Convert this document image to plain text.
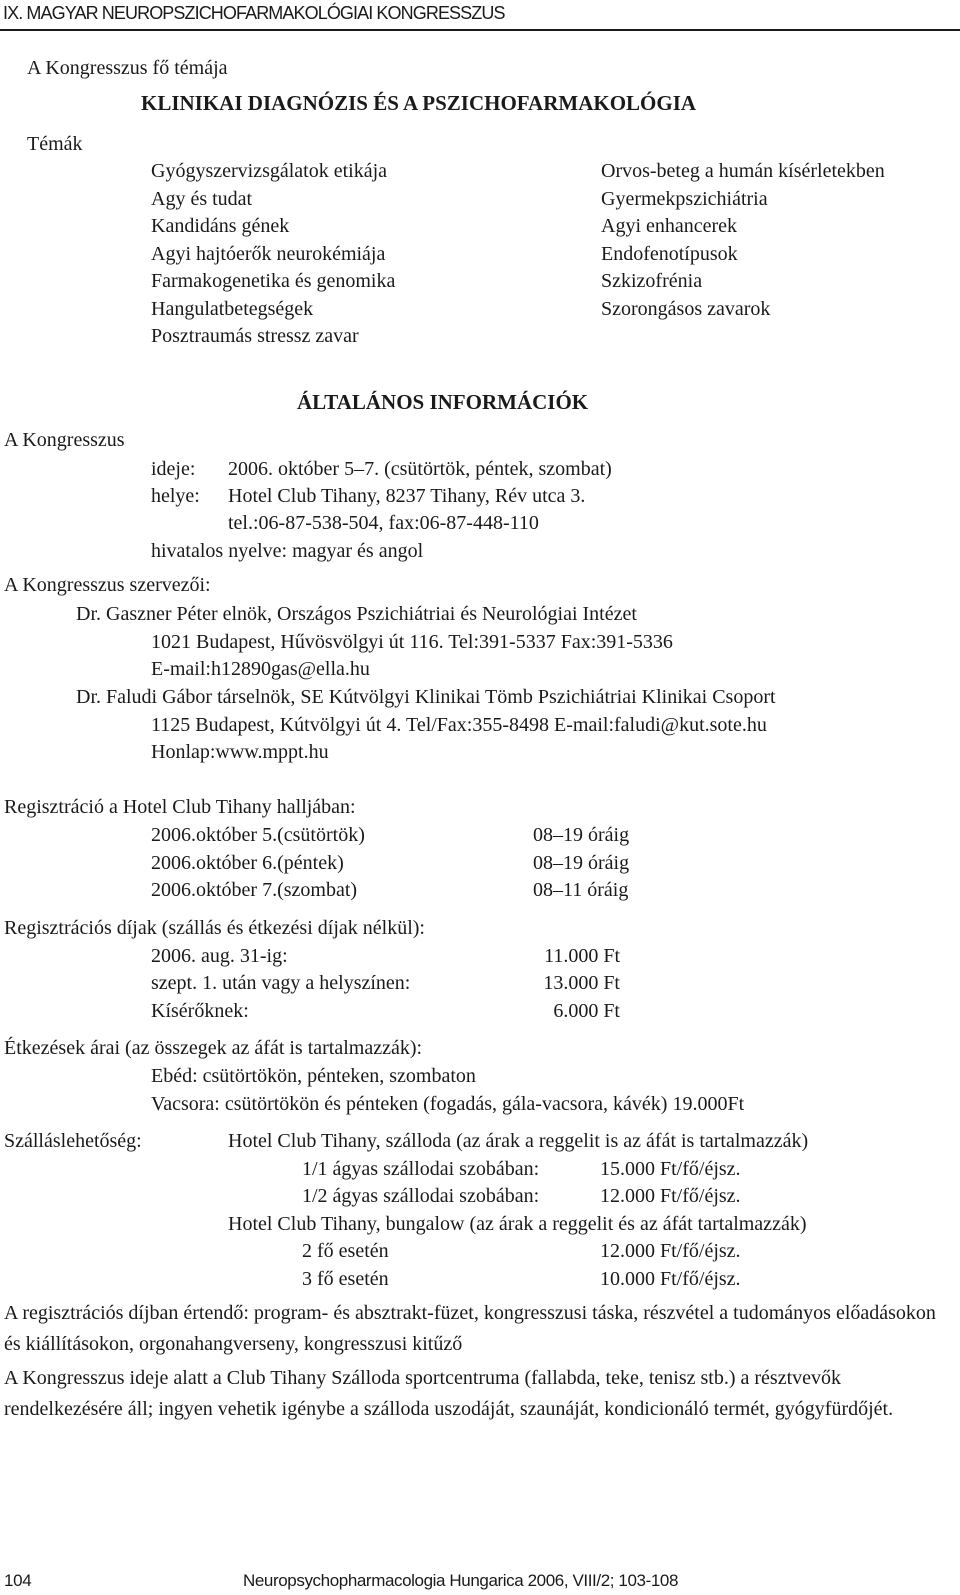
IX. MAGYAR NEUROPSZICHOFARMAKOLÓGIAI KONGRESSZUS
A Kongresszus fő témája
KLINIKAI DIAGNÓZIS ÉS A PSZICHOFARMAKOLÓGIA
Témák
Gyógyszervizsgálatok etikája
Agy és tudat
Kandidáns gének
Agyi hajtóerők neurokémiája
Farmakogenetika és genomika
Hangulatbetegségek
Posztraumás stressz zavar
Orvos-beteg a humán kísérletekben
Gyermekpszichiátria
Agyi enhancerek
Endofenotípusok
Szkizofrénia
Szorongásos zavarok
ÁLTALÁNOS INFORMÁCIÓK
A Kongresszus
ideje: 2006. október 5–7. (csütörtök, péntek, szombat)
helye: Hotel Club Tihany, 8237 Tihany, Rév utca 3.
tel.:06-87-538-504, fax:06-87-448-110
hivatalos nyelve: magyar és angol
A Kongresszus szervezői:
Dr. Gaszner Péter elnök, Országos Pszichiátriai és Neurológiai Intézet
1021 Budapest, Hűvösvölgyi út 116. Tel:391-5337 Fax:391-5336
E-mail:h12890gas@ella.hu
Dr. Faludi Gábor társelnök, SE Kútvölgyi Klinikai Tömb Pszichiátriai Klinikai Csoport
1125 Budapest, Kútvölgyi út 4. Tel/Fax:355-8498 E-mail:faludi@kut.sote.hu
Honlap:www.mppt.hu
Regisztráció a Hotel Club Tihany halljában:
2006.október 5.(csütörtök)	08–19 óráig
2006.október 6.(péntek)	08–19 óráig
2006.október 7.(szombat)	08–11 óráig
Regisztrációs díjak (szállás és étkezési díjak nélkül):
2006. aug. 31-ig:	11.000 Ft
szept. 1. után vagy a helyszínen:	13.000 Ft
Kísérőknek:	6.000 Ft
Étkezések árai (az összegek az áfát is tartalmazzák):
Ebéd: csütörtökön, pénteken, szombaton
Vacsora: csütörtökön és pénteken (fogadás, gála-vacsora, kávék) 19.000Ft
Szálláslehetőség:	Hotel Club Tihany, szálloda (az árak a reggelit is az áfát is tartalmazzák)
1/1 ágyas szállodai szobában:	15.000 Ft/fő/éjsz.
1/2 ágyas szállodai szobában:	12.000 Ft/fő/éjsz.
Hotel Club Tihany, bungalow (az árak a reggelit és az áfát tartalmazzák)
2 fő esetén	12.000 Ft/fő/éjsz.
3 fő esetén	10.000 Ft/fő/éjsz.
A regisztrációs díjban értendő: program- és absztrakt-füzet, kongresszusi táska, részvétel a tudományos előadásokon és kiállításokon, orgonahangverseny, kongresszusi kitűző
A Kongresszus ideje alatt a Club Tihany Szálloda sportcentruma (fallabda, teke, tenisz stb.) a résztvevők rendelkezésére áll; ingyen vehetik igénybe a szálloda uszodáját, szaunáját, kondicionáló termét, gyógyfürdőjét.
104	Neuropsychopharmacologia Hungarica 2006, VIII/2; 103-108
